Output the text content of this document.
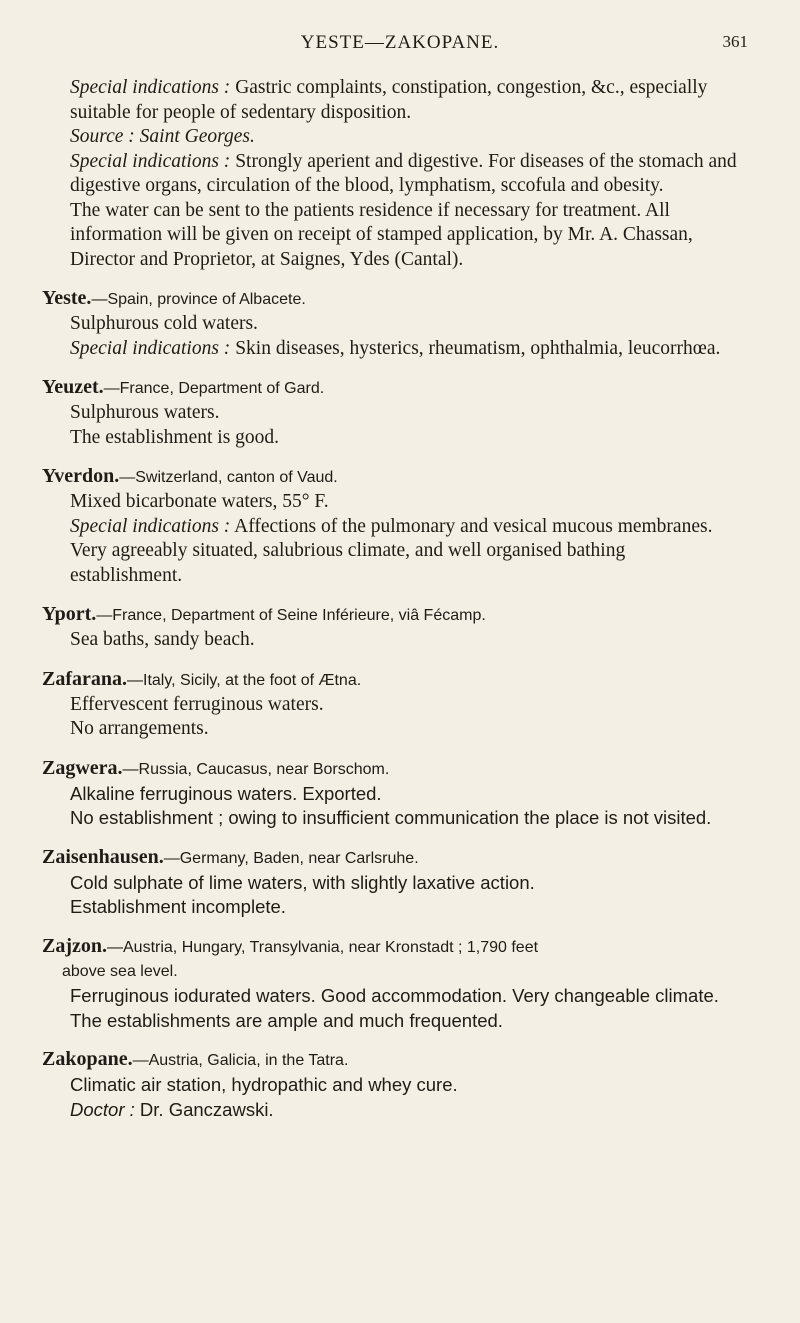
YESTE—ZAKOPANE.	361

Special indications : Gastric complaints, constipation, congestion, &c., especially suitable for people of sedentary disposition.

Source : Saint Georges.

Special indications : Strongly aperient and digestive. For diseases of the stomach and digestive organs, circulation of the blood, lymphatism, sccofula and obesity.

The water can be sent to the patients residence if necessary for treatment. All information will be given on receipt of stamped application, by Mr. A. Chassan, Director and Proprietor, at Saignes, Ydes (Cantal).

Yeste.—Spain, province of Albacete.

Sulphurous cold waters.

Special indications : Skin diseases, hysterics, rheumatism, ophthalmia, leucorrhœa.

Yeuzet.—France, Department of Gard.

Sulphurous waters.

The establishment is good.

Yverdon.—Switzerland, canton of Vaud.

Mixed bicarbonate waters, 55° F.

Special indications : Affections of the pulmonary and vesical mucous membranes.

Very agreeably situated, salubrious climate, and well organised bathing establishment.

Yport.—France, Department of Seine Inférieure, viâ Fécamp.

Sea baths, sandy beach.

Zafarana.—Italy, Sicily, at the foot of Ætna.

Effervescent ferruginous waters.

No arrangements.

Zagwera.—Russia, Caucasus, near Borschom.

Alkaline ferruginous waters. Exported.

No establishment ; owing to insufficient communication the place is not visited.

Zaisenhausen.—Germany, Baden, near Carlsruhe.

Cold sulphate of lime waters, with slightly laxative action.

Establishment incomplete.

Zajzon.—Austria, Hungary, Transylvania, near Kronstadt ; 1,790 feet
above sea level.

Ferruginous iodurated waters. Good accommodation. Very changeable climate.

The establishments are ample and much frequented.

Zakopane.—Austria, Galicia, in the Tatra.

Climatic air station, hydropathic and whey cure.

Doctor : Dr. Ganczawski.
